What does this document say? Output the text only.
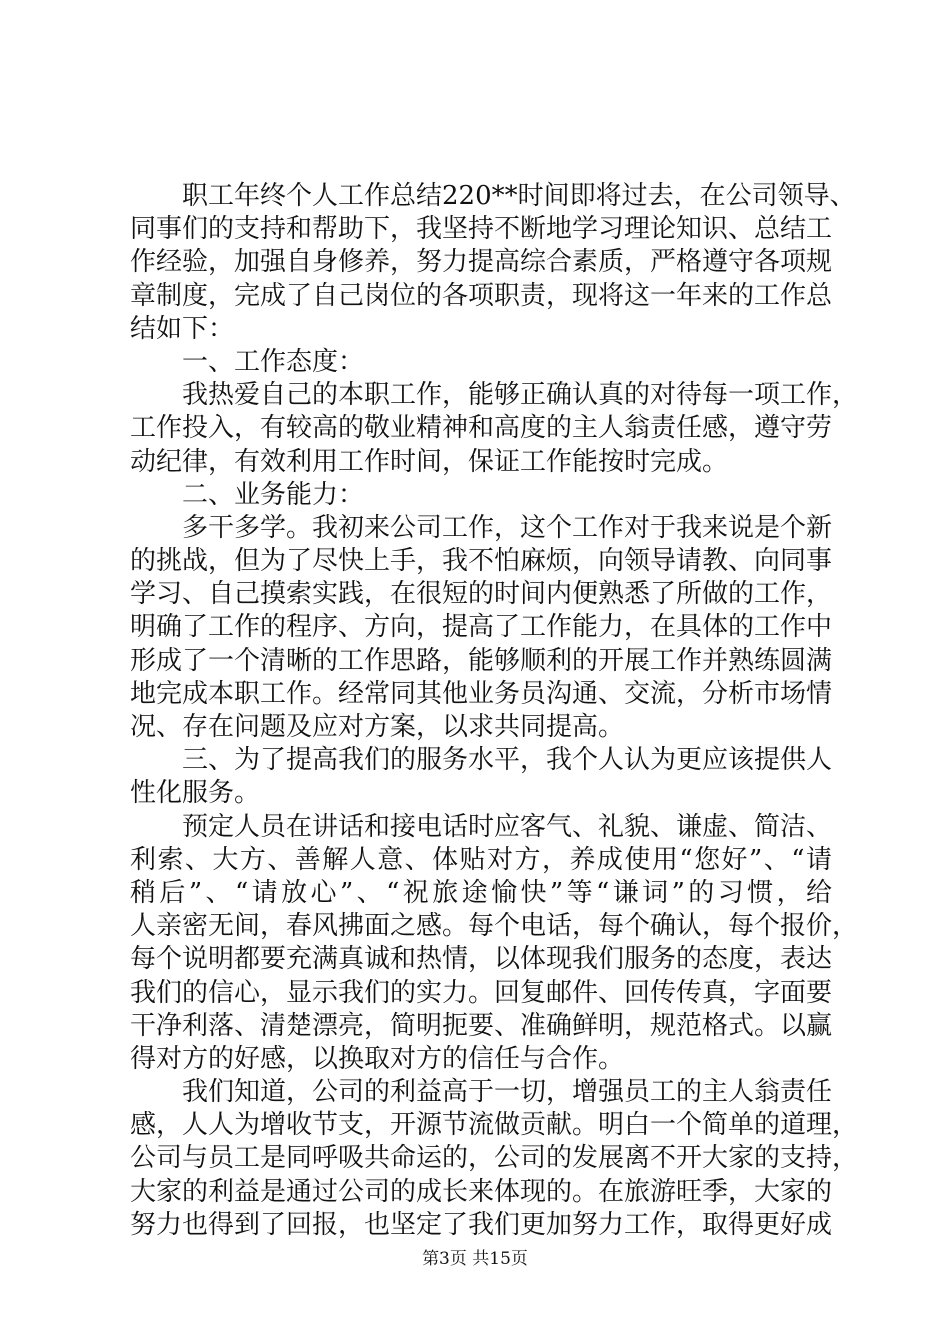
职工年终个人工作总结220**时间即将过去，在公司领导、
同事们的支持和帮助下，我坚持不断地学习理论知识、总结工
作经验，加强自身修养，努力提高综合素质，严格遵守各项规
章制度，完成了自己岗位的各项职责，现将这一年来的工作总
结如下：
一、工作态度：
我热爱自己的本职工作，能够正确认真的对待每一项工作，
工作投入，有较高的敬业精神和高度的主人翁责任感，遵守劳
动纪律，有效利用工作时间，保证工作能按时完成。
二、业务能力：
多干多学。我初来公司工作，这个工作对于我来说是个新
的挑战，但为了尽快上手，我不怕麻烦，向领导请教、向同事
学习、自己摸索实践，在很短的时间内便熟悉了所做的工作，
明确了工作的程序、方向，提高了工作能力，在具体的工作中
形成了一个清晰的工作思路，能够顺利的开展工作并熟练圆满
地完成本职工作。经常同其他业务员沟通、交流，分析市场情
况、存在问题及应对方案，以求共同提高。
三、为了提高我们的服务水平，我个人认为更应该提供人
性化服务。
预定人员在讲话和接电话时应客气、礼貌、谦虚、简洁、
利索、大方、善解人意、体贴对方，养成使用“您好”、“请
稍后”、“请放心”、“祝旅途愉快”等“谦词”的习惯，给
人亲密无间，春风拂面之感。每个电话，每个确认，每个报价，
每个说明都要充满真诚和热情，以体现我们服务的态度，表达
我们的信心，显示我们的实力。回复邮件、回传传真，字面要
干净利落、清楚漂亮，简明扼要、准确鲜明，规范格式。以赢
得对方的好感，以换取对方的信任与合作。
我们知道，公司的利益高于一切，增强员工的主人翁责任
感，人人为增收节支，开源节流做贡献。明白一个简单的道理，
公司与员工是同呼吸共命运的，公司的发展离不开大家的支持，
大家的利益是通过公司的成长来体现的。在旅游旺季，大家的
努力也得到了回报，也坚定了我们更加努力工作，取得更好成
第3页 共15页
